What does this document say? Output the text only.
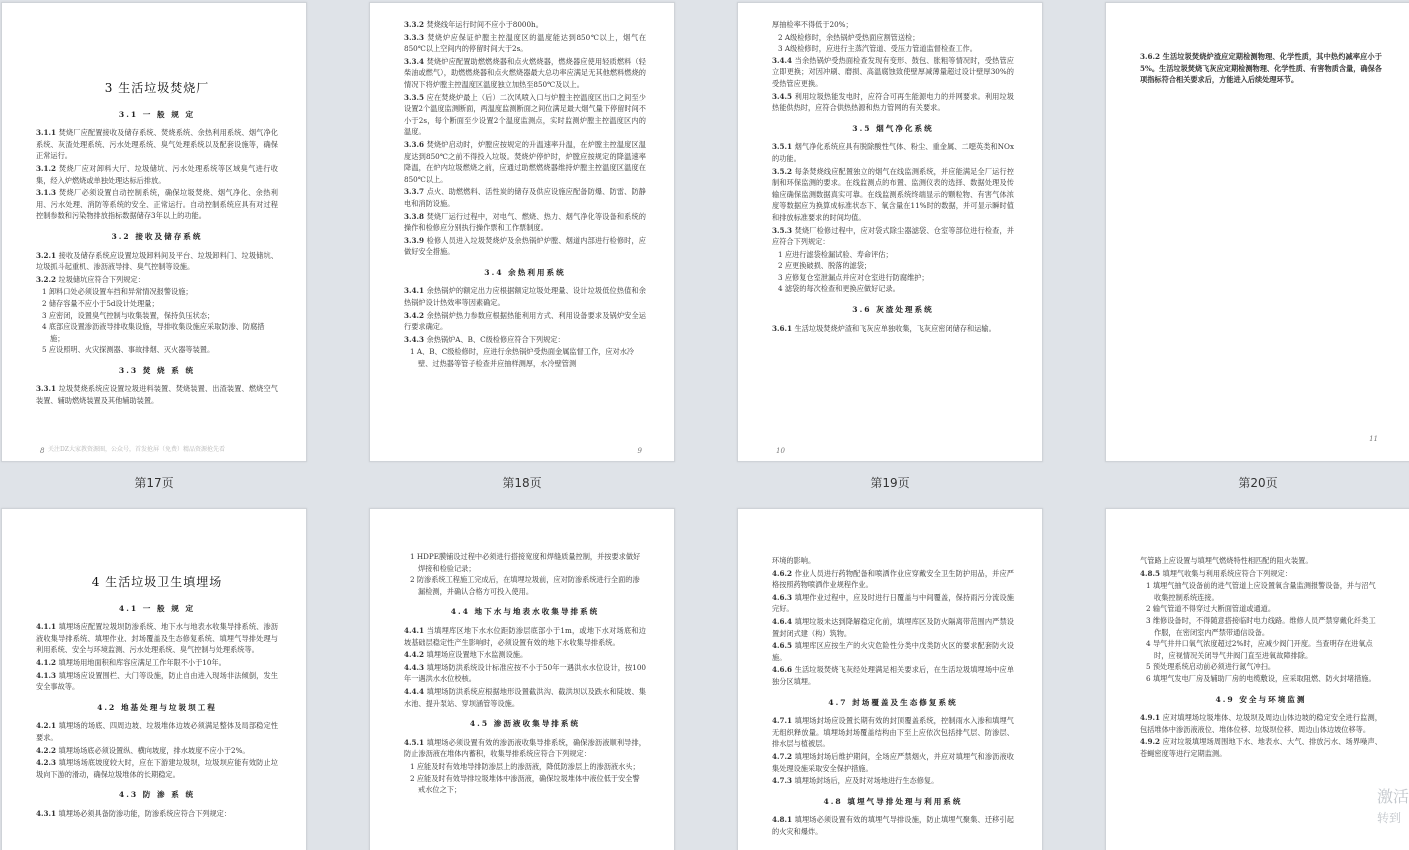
3 生活垃圾焚烧厂
3.1 一 般 规 定
3.1.1 焚烧厂应配置接收及储存系统、焚烧系统、余热利用系统、烟气净化系统、灰渣处理系统、污水处理系统、臭气处理系统以及配套设施等，确保正常运行。
3.1.2 焚烧厂应对卸料大厅、垃圾储坑、污水处理系统等区域臭气进行收集，经入炉燃烧或单独处理达标后排放。
3.1.3 焚烧厂必须设置自动控制系统，确保垃圾焚烧、烟气净化、余热利用、污水处理、消防等系统的安全、正常运行。自动控制系统应具有对过程控制参数和污染物排放指标数据储存3年以上的功能。
3.2 接收及储存系统
3.2.1 接收及储存系统应设置垃圾卸料间及平台、垃圾卸料门、垃圾储坑、垃圾抓斗起重机、渗沥液导排、臭气控制等设施。
3.2.2 垃圾储坑应符合下列规定：
1 卸料口处必须设置车挡和异常情况报警设施；
2 储存容量不应小于5d设计处理量；
3 应密闭，设置臭气控制与收集装置，保持负压状态；
4 底部应设置渗沥液导排收集设施，导排收集设施应采取防渗、防腐措施；
5 应设照明、火灾探测器、事故排烟、灭火器等装置。
3.3 焚 烧 系 统
3.3.1 垃圾焚烧系统应设置垃圾进料装置、焚烧装置、出渣装置、燃烧空气装置、辅助燃烧装置及其他辅助装置。
8 关注DZ大家教资源圈，公众号，首发抢屏（免费）精品资源抢先看
3.3.2 焚烧线年运行时间不应小于8000h。
3.3.3 焚烧炉应保证炉膛主控温度区的温度能达到850℃以上，烟气在850℃以上空间内的停留时间大于2s。
3.3.4 焚烧炉应配置助燃燃烧器和点火燃烧器，燃烧器应使用轻质燃料（轻柴油或燃气），助燃燃烧器和点火燃烧器最大总功率应满足无其他燃料燃烧的情况下将炉膛主控温度区温度独立加热至850℃及以上。
3.3.5 应在焚烧炉最上（后）二次风喷入口与炉膛主控温度区出口之间至少设置2个温度监测断面，两温度监测断面之间位满足最大烟气量下停留时间不小于2s，每个断面至少设置2个温度监测点，实时监测炉膛主控温度区内的温度。
3.3.6 焚烧炉启动时，炉膛应按规定的升温速率升温，在炉膛主控温度区温度达到850℃之前不得投入垃圾。焚烧炉停炉时，炉膛应按规定的降温速率降温，在炉内垃圾燃烧之前，应通过助燃燃烧器维持炉膛主控温度区温度在850℃以上。
3.3.7 点火、助燃燃料、活性炭的储存及供应设施应配备防爆、防雷、防静电和消防设施。
3.3.8 焚烧厂运行过程中，对电气、燃烧、热力、烟气净化等设备和系统的操作和检修应分别执行操作票和工作票制度。
3.3.9 检修人员进入垃圾焚烧炉及余热锅炉炉膛、烟道内部进行检修时，应做好安全措施。
3.4 余热利用系统
3.4.1 余热锅炉的额定出力应根据额定垃圾处理量、设计垃圾低位热值和余热锅炉设计热效率等因素确定。
3.4.2 余热锅炉热力参数应根据热能利用方式、利用设备要求及锅炉安全运行要求确定。
3.4.3 余热锅炉A、B、C级检修应符合下列规定：
1 A、B、C级检修时，应进行余热锅炉受热面金属监督工作，应对水冷壁、过热器等管子检查并应抽样测厚，水冷壁管测
9
厚抽检率不得低于20%；
2 A级检修时，余热锅炉受热面应割管送检；
3 A级检修时，应进行主蒸汽管道、受压力管道监督检查工作。
3.4.4 当余热锅炉受热面检查发现有变形、鼓包、胀粗等情况时，受热管应立即更换；对因冲刷、磨损、高温腐蚀致使壁厚减薄量超过设计壁厚30%的受热管应更换。
3.4.5 利用垃圾热能发电时，应符合可再生能源电力的并网要求。利用垃圾热能供热时，应符合供热热源和热力管网的有关要求。
3.5 烟气净化系统
3.5.1 烟气净化系统应具有脱除酸性气体、粉尘、重金属、二噁英类和NOx的功能。
3.5.2 每条焚烧线应配置独立的烟气在线监测系统，并应能满足全厂运行控制和环保监测的要求。在线监测点的布置、监测仪表的选择、数据处理及传输应确保监测数据真实可靠。在线监测系统终端显示的颗粒物、有害气体浓度等数据应为换算成标准状态下、氧含量在11%时的数据，并可显示瞬时值和排放标准要求的时间均值。
3.5.3 焚烧厂检修过程中，应对袋式除尘器滤袋、仓室等部位进行检查，并应符合下列规定：
1 应进行滤袋检漏试验、寿命评估；
2 应更换破损、脱落的滤袋；
3 应修复仓室泄漏点并应对仓室进行防腐维护；
4 滤袋的每次检查和更换应做好记录。
3.6 灰渣处理系统
3.6.1 生活垃圾焚烧炉渣和飞灰应单独收集，飞灰应密闭储存和运输。
10
3.6.2 生活垃圾焚烧炉渣应定期检测物理、化学性质，其中热灼减率应小于5%。生活垃圾焚烧飞灰应定期检测物理、化学性质、有害物质含量，确保各项指标符合相关要求后，方能进入后续处理环节。
11
第17页	第18页	第19页	第20页
4 生活垃圾卫生填埋场
4.1 一 般 规 定
4.1.1 填埋场应配置垃圾坝防渗系统、地下水与地表水收集导排系统、渗沥液收集导排系统、填埋作业、封场覆盖及生态修复系统、填埋气导排处理与利用系统、安全与环境监测、污水处理系统、臭气控制与处理系统等。
4.1.2 填埋场用地面积和库容应满足工作年限不小于10年。
4.1.3 填埋场应设置围栏、大门等设施，防止自由进入现场非法倾倒，发生安全事故等。
4.2 地基处理与垃圾坝工程
4.2.1 填埋场的场底、四周边坡、垃圾堆体边坡必须满足整体及局部稳定性要求。
4.2.2 填埋场场底必须设置纵、横向坡度，排水坡度不应小于2%。
4.2.3 填埋场场底坡度较大时，应在下游建垃圾坝，垃圾坝应能有效防止垃圾向下游的滑动，确保垃圾堆体的长期稳定。
4.3 防 渗 系 统
4.3.1 填埋场必须具备防渗功能，防渗系统应符合下列规定：
1 HDPE膜铺设过程中必须进行搭接宽度和焊缝质量控制，并按要求做好焊接和检验记录；
2 防渗系统工程施工完成后，在填埋垃圾前，应对防渗系统进行全面的渗漏检测，并确认合格方可投入使用。
4.4 地下水与地表水收集导排系统
4.4.1 当填埋库区地下水水位距防渗层底部小于1m，或地下水对场底和边坡基础层稳定性产生影响时，必须设置有效的地下水收集导排系统。
4.4.2 填埋场应设置地下水监测设施。
4.4.3 填埋场防洪系统设计标准应按不小于50年一遇洪水水位设计，按100年一遇洪水水位校核。
4.4.4 填埋场防洪系统应根据地形设置截洪沟、截洪坝以及跌水和陡坡、集水池、提升泵站、穿坝涵管等设施。
4.5 渗沥液收集导排系统
4.5.1 填埋场必须设置有效的渗沥液收集导排系统，确保渗沥液顺利导排，防止渗沥液在堆体内蓄积，收集导排系统应符合下列规定：
1 应能及时有效地导排防渗层上的渗沥液，降低防渗层上的渗沥液水头；
2 应能及时有效导排垃圾堆体中渗沥液，确保垃圾堆体中液位低于安全警戒水位之下；
环境的影响。
4.6.2 作业人员进行药物配备和喷洒作业应穿戴安全卫生防护用品，并应严格按照药物喷洒作业规程作业。
4.6.3 填埋作业过程中，应及时进行日覆盖与中间覆盖，保持雨污分流设施完好。
4.6.4 填埋垃圾未达到降解稳定化前，填埋库区及防火隔离带范围内严禁设置封闭式建（构）筑物。
4.6.5 填埋库区应按生产的火灾危险性分类中戊类防火区的要求配套防火设施。
4.6.6 生活垃圾焚烧飞灰经处理满足相关要求后，在生活垃圾填埋场中应单独分区填埋。
4.7 封场覆盖及生态修复系统
4.7.1 填埋场封场应设置长期有效的封顶覆盖系统，控制雨水入渗和填埋气无组织释放量。填埋场封场覆盖结构由下至上应依次包括排气层、防渗层、排水层与植被层。
4.7.2 填埋场封场后维护期间，全场应严禁烟火，并应对填埋气和渗沥液收集处理设施采取安全保护措施。
4.7.3 填埋场封场后，应及时对场地进行生态修复。
4.8 填埋气导排处理与利用系统
4.8.1 填埋场必须设置有效的填埋气导排设施，防止填埋气聚集、迁移引起的火灾和爆炸。
气管路上应设置与填埋气燃烧特性相匹配的阻火装置。
4.8.5 填埋气收集与利用系统应符合下列规定：
1 填埋气抽气设备前的进气管道上应设置氧含量监测报警设备，并与沼气收集控制系统连接。
2 输气管道不得穿过大断面管道或通道。
3 维修设备时，不得随意搭接临时电力线路。维修人员严禁穿戴化纤类工作服，在密闭室内严禁带通信设备。
4 导气井井口氧气浓度超过2%时，应减少阀门开度。当查明存在进氧点时，应视情况关闭导气井阀门直至进氧故障排除。
5 预处理系统启动前必须进行氮气冲扫。
6 填埋气发电厂房及辅助厂房的电缆敷设，应采取阻燃、防火封堵措施。
4.9 安全与环境监测
4.9.1 应对填埋场垃圾堆体、垃圾坝及周边山体边坡的稳定安全进行监测，包括堆体中渗沥液液位、堆体位移、垃圾坝位移、周边山体边坡位移等。
4.9.2 应对垃圾填埋场周围地下水、地表水、大气、排放污水、场界噪声、苍蝇密度等进行定期监测。
激活
转到
